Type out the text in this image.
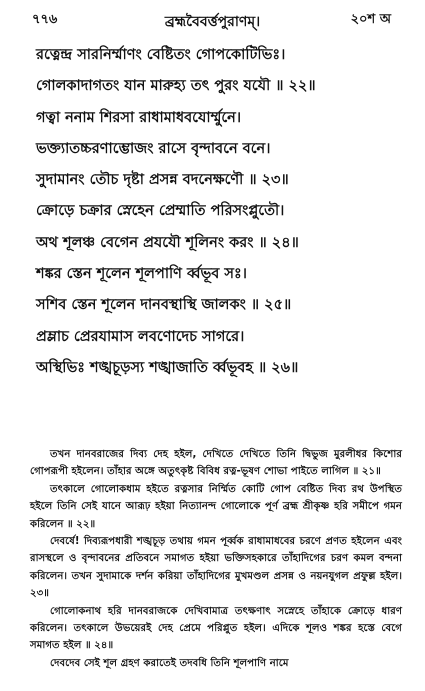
৭৭৬	ব্রহ্মবৈবর্ত্তপুরাণম্।	২০শ অ
রত্নেন্দ্র সারনির্ম্মাণং বেষ্টিতং গোপকোটিভিঃ।
গোলকাদাগতং যান মারুহ্য তৎ পুরং যযৌ ॥ ২২॥
গত্বা ননাম শিরসা রাধামাধবযোর্ম্মুনে।
ভক্ত্যাতচ্চরণাম্ভোজং রাসে বৃন্দাবনে বনে।
সুদামানং তৌচ দৃষ্টা প্রসন্ন বদনেক্ষণৌ ॥ ২৩॥
ক্রোড়ে চক্রার স্নেহেন প্রেম্মাতি পরিসংপ্লুতৌ।
অথ শূলঞ্চ বেগেন প্রযযৌ শূলিনং করং ॥ ২৪॥
শঙ্কর স্তেন শূলেন শূলপাণি র্ব্বভূব সঃ।
সশিব স্তেন শূলেন দানবস্থাস্থি জালকং ॥ ২৫॥
প্রম্লাচ প্রেরযামাস লবণোদেচ সাগরে।
অস্থিভিঃ শঙ্খচূড়স্য শঙ্খাজাতি র্ব্বভূবহ ॥ ২৬॥

তখন দানবরাজের দিব্য দেহ হইল, দেখিতে দেখিতে তিনি দ্বিভুজ মুরলীধর কিশোর গোপরূপী হইলেন। তাঁহার অঙ্গে অতুৎকৃষ্ট বিবিধ রত্ন-ভূষণ শোভা পাইতে লাগিল ॥ ২১॥

তৎকালে গোলোকধাম হইতে রত্নসার নির্ম্মিত কোটি গোপ বেষ্টিত দিব্য রথ উপস্থিত হইলে তিনি সেই যানে আরূঢ় হইয়া নিত্যানন্দ গোলোকে পূর্ণ ব্রহ্ম শ্রীকৃষ্ণ হরি সমীপে গমন করিলেন ॥ ২২॥

দেবর্ষে! দিব্যরূপধারী শঙ্খচূড় তথায় গমন পূর্ব্বক রাধামাধবের চরণে প্রণত হইলেন এবং রাসস্থলে ও বৃন্দাবনের প্রতিবনে সমাগত হইয়া ভক্তিসহকারে তাঁহাদিগের চরণ কমল বন্দনা করিলেন। তখন সুদামাকে দর্শন করিয়া তাঁহাদিগের মুখমণ্ডল প্রসন্ন ও নয়নযুগল প্রফুল্ল হইল।২৩॥

গোলোকনাথ হরি দানবরাজকে দেখিবামাত্র তৎক্ষণাৎ সস্নেহে তাঁহাকে ক্রোড়ে ধারণ করিলেন। তৎকালে উভয়েরই দেহ প্রেমে পরিপ্লুত হইল। এদিকে শূলও শঙ্কর হস্তে বেগে সমাগত হইল ॥ ২৪॥

দেবদেব সেই শূল গ্রহণ করাতেই তদবধি তিনি শূলপাণি নামে
